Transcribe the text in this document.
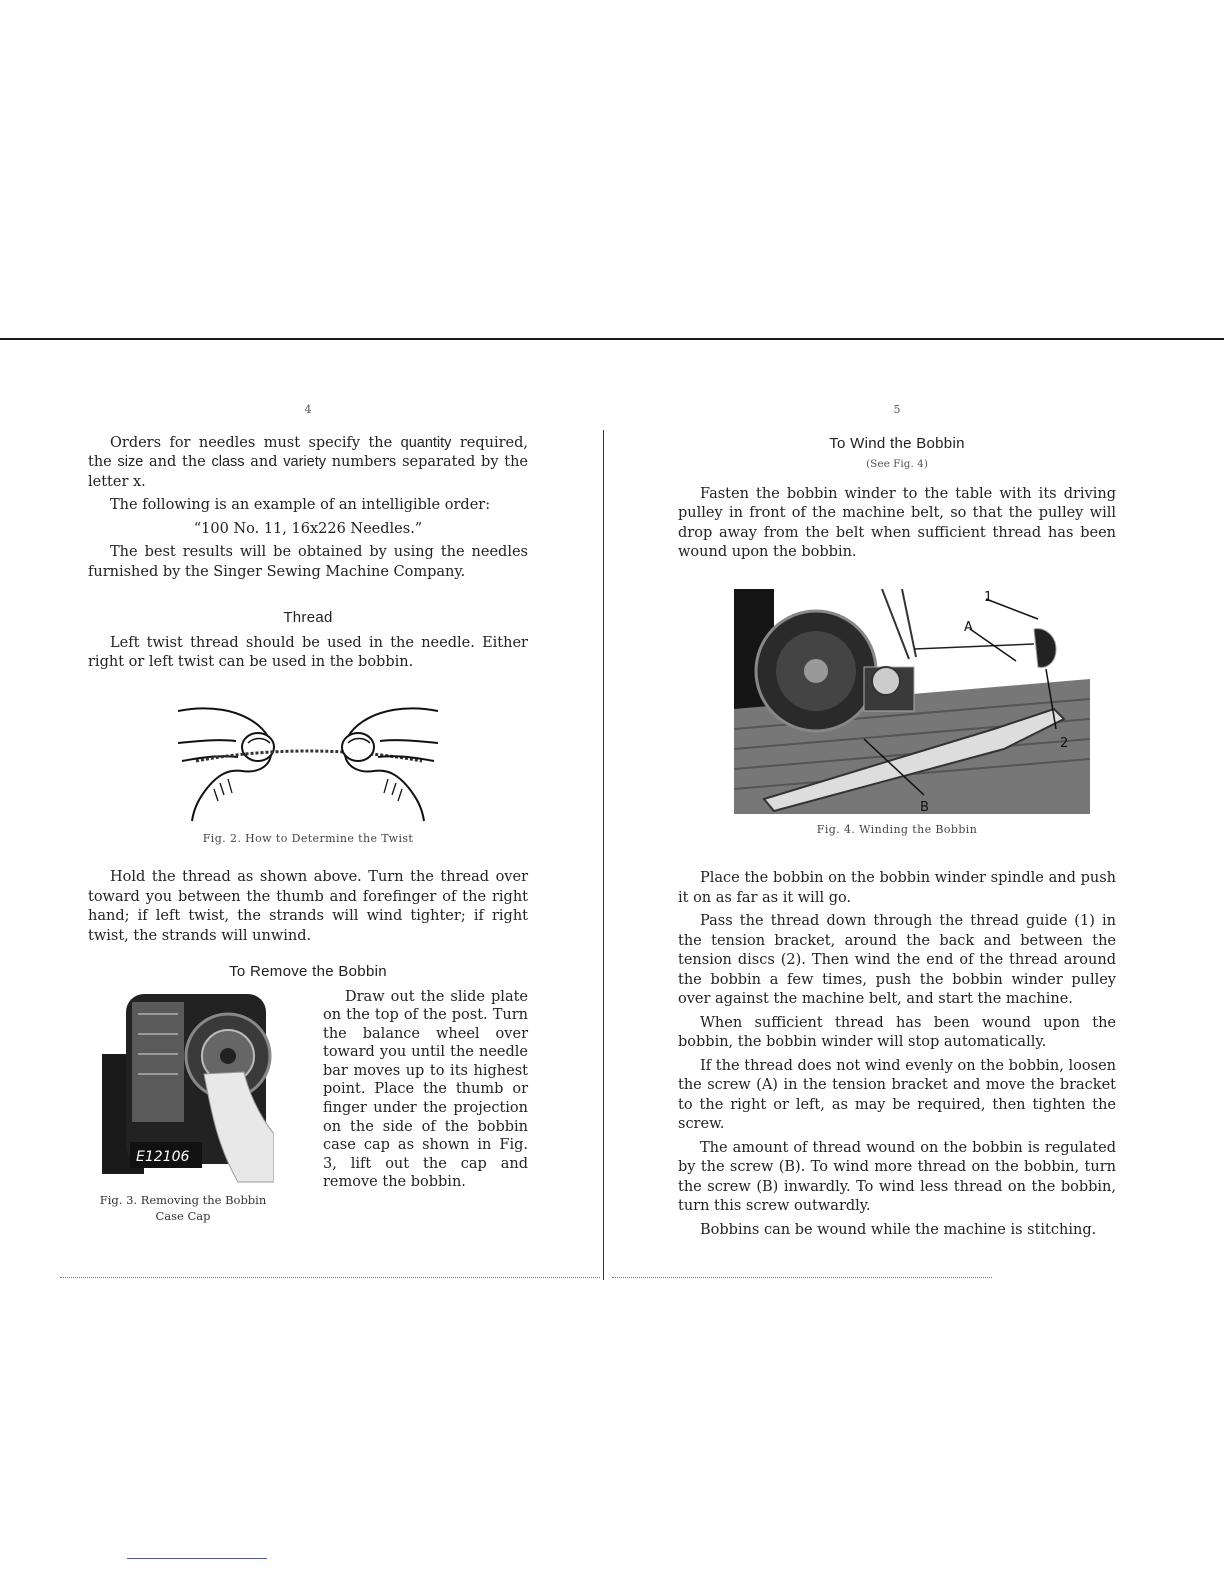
4

Orders for needles must specify the quantity required, the size and the class and variety numbers separated by the letter x.

The following is an example of an intelligible order:

“100 No. 11, 16x226 Needles.”

The best results will be obtained by using the needles furnished by the Singer Sewing Machine Company.

Thread

Left twist thread should be used in the needle. Either right or left twist can be used in the bobbin.

Fig. 2. How to Determine the Twist

Hold the thread as shown above. Turn the thread over toward you between the thumb and forefinger of the right hand; if left twist, the strands will wind tighter; if right twist, the strands will unwind.

To Remove the Bobbin
E12106
Fig. 3. Removing the Bobbin Case Cap

Draw out the slide plate on the top of the post. Turn the balance wheel over toward you until the needle bar moves up to its highest point. Place the thumb or finger under the projection on the side of the bobbin case cap as shown in Fig. 3, lift out the cap and remove the bobbin.

5
To Wind the Bobbin
(See Fig. 4)

Fasten the bobbin winder to the table with its driving pulley in front of the machine belt, so that the pulley will drop away from the belt when sufficient thread has been wound upon the bobbin.

1
A
2
B
Fig. 4. Winding the Bobbin

Place the bobbin on the bobbin winder spindle and push it on as far as it will go.

Pass the thread down through the thread guide (1) in the tension bracket, around the back and between the tension discs (2). Then wind the end of the thread around the bobbin a few times, push the bobbin winder pulley over against the machine belt, and start the machine.

When sufficient thread has been wound upon the bobbin, the bobbin winder will stop automatically.

If the thread does not wind evenly on the bobbin, loosen the screw (A) in the tension bracket and move the bracket to the right or left, as may be required, then tighten the screw.

The amount of thread wound on the bobbin is regulated by the screw (B). To wind more thread on the bobbin, turn the screw (B) inwardly. To wind less thread on the bobbin, turn this screw outwardly.

Bobbins can be wound while the machine is stitching.
